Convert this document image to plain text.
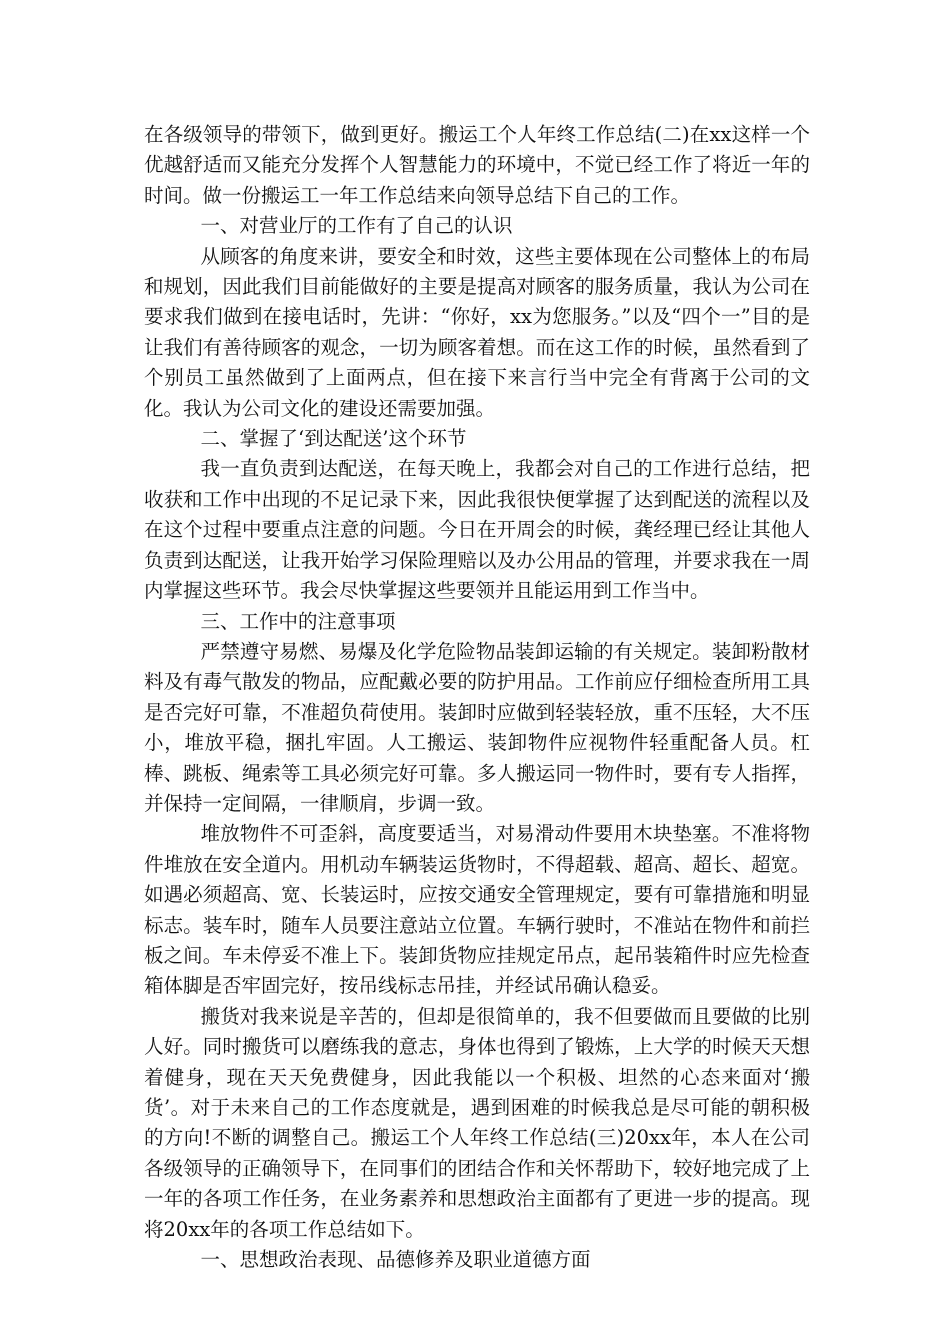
在各级领导的带领下，做到更好。搬运工个人年终工作总结(二)在xx这样一个优越舒适而又能充分发挥个人智慧能力的环境中，不觉已经工作了将近一年的时间。做一份搬运工一年工作总结来向领导总结下自己的工作。

一、对营业厅的工作有了自己的认识

从顾客的角度来讲，要安全和时效，这些主要体现在公司整体上的布局和规划，因此我们目前能做好的主要是提高对顾客的服务质量，我认为公司在要求我们做到在接电话时，先讲：“你好，xx为您服务。”以及“四个一”目的是让我们有善待顾客的观念，一切为顾客着想。而在这工作的时候，虽然看到了个别员工虽然做到了上面两点，但在接下来言行当中完全有背离于公司的文化。我认为公司文化的建设还需要加强。

二、掌握了‘到达配送’这个环节

我一直负责到达配送，在每天晚上，我都会对自己的工作进行总结，把收获和工作中出现的不足记录下来，因此我很快便掌握了达到配送的流程以及在这个过程中要重点注意的问题。今日在开周会的时候，龚经理已经让其他人负责到达配送，让我开始学习保险理赔以及办公用品的管理，并要求我在一周内掌握这些环节。我会尽快掌握这些要领并且能运用到工作当中。

三、工作中的注意事项

严禁遵守易燃、易爆及化学危险物品装卸运输的有关规定。装卸粉散材料及有毒气散发的物品，应配戴必要的防护用品。工作前应仔细检查所用工具是否完好可靠，不准超负荷使用。装卸时应做到轻装轻放，重不压轻，大不压小，堆放平稳，捆扎牢固。人工搬运、装卸物件应视物件轻重配备人员。杠棒、跳板、绳索等工具必须完好可靠。多人搬运同一物件时，要有专人指挥，并保持一定间隔，一律顺肩，步调一致。

堆放物件不可歪斜，高度要适当，对易滑动件要用木块垫塞。不准将物件堆放在安全道内。用机动车辆装运货物时，不得超载、超高、超长、超宽。如遇必须超高、宽、长装运时，应按交通安全管理规定，要有可靠措施和明显标志。装车时，随车人员要注意站立位置。车辆行驶时，不准站在物件和前拦板之间。车未停妥不准上下。装卸货物应挂规定吊点，起吊装箱件时应先检查箱体脚是否牢固完好，按吊线标志吊挂，并经试吊确认稳妥。

搬货对我来说是辛苦的，但却是很简单的，我不但要做而且要做的比别人好。同时搬货可以磨练我的意志，身体也得到了锻炼，上大学的时候天天想着健身，现在天天免费健身，因此我能以一个积极、坦然的心态来面对‘搬货’。对于未来自己的工作态度就是，遇到困难的时候我总是尽可能的朝积极的方向!不断的调整自己。搬运工个人年终工作总结(三)20xx年，本人在公司各级领导的正确领导下，在同事们的团结合作和关怀帮助下，较好地完成了上一年的各项工作任务，在业务素养和思想政治主面都有了更进一步的提高。现将20xx年的各项工作总结如下。

一、思想政治表现、品德修养及职业道德方面
